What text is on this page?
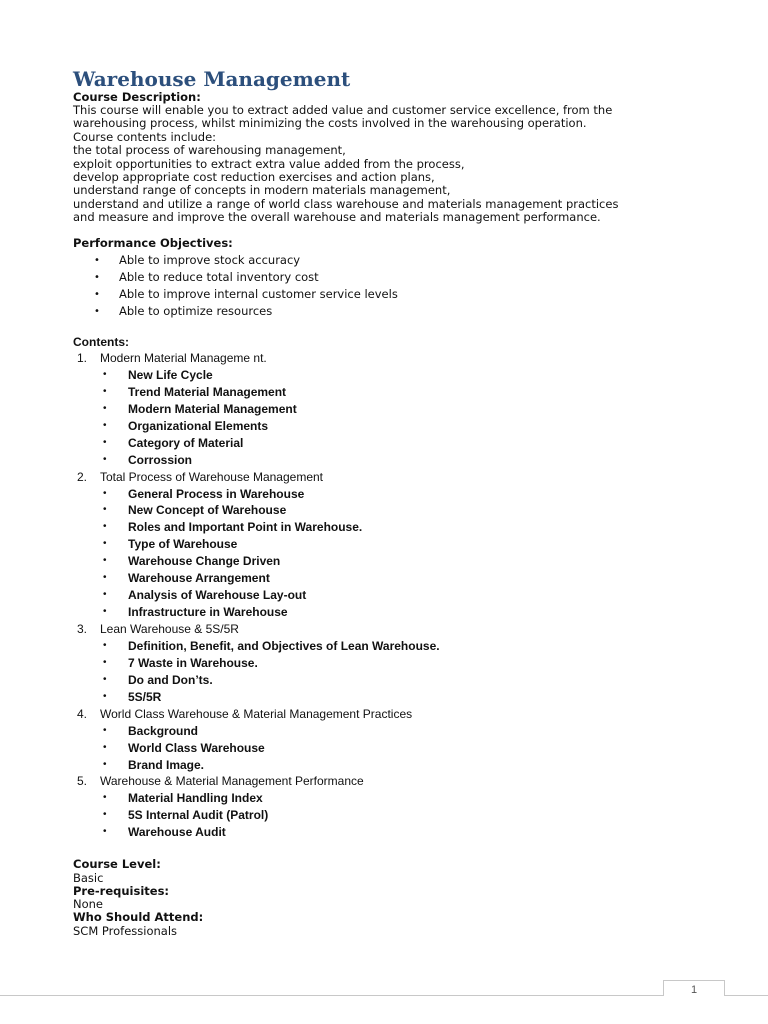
Warehouse Management
Course Description:
This course will enable you to extract added value and customer service excellence, from the
warehousing process, whilst minimizing the costs involved in the warehousing operation.
Course contents include:
the total process of warehousing management,
exploit opportunities to extract extra value added from the process,
develop appropriate cost reduction exercises and action plans,
understand range of concepts in modern materials management,
understand and utilize a range of world class warehouse and materials management practices
and measure and improve the overall warehouse and materials management performance.
Performance Objectives:
• Able to improve stock accuracy
• Able to reduce total inventory cost
• Able to improve internal customer service levels
• Able to optimize resources
Contents:
1. Modern Material Manageme nt.
• New Life Cycle
• Trend Material Management
• Modern Material Management
• Organizational Elements
• Category of Material
• Corrossion
2. Total Process of Warehouse Management
• General Process in Warehouse
• New Concept of Warehouse
• Roles and Important Point in Warehouse.
• Type of Warehouse
• Warehouse Change Driven
• Warehouse Arrangement
• Analysis of Warehouse Lay-out
• Infrastructure in Warehouse
3. Lean Warehouse & 5S/5R
• Definition, Benefit, and Objectives of Lean Warehouse.
• 7 Waste in Warehouse.
• Do and Don’ts.
• 5S/5R
4. World Class Warehouse & Material Management Practices
• Background
• World Class Warehouse
• Brand Image.
5. Warehouse & Material Management Performance
• Material Handling Index
• 5S Internal Audit (Patrol)
• Warehouse Audit
Course Level:
Basic
Pre-requisites:
None
Who Should Attend:
SCM Professionals
1
